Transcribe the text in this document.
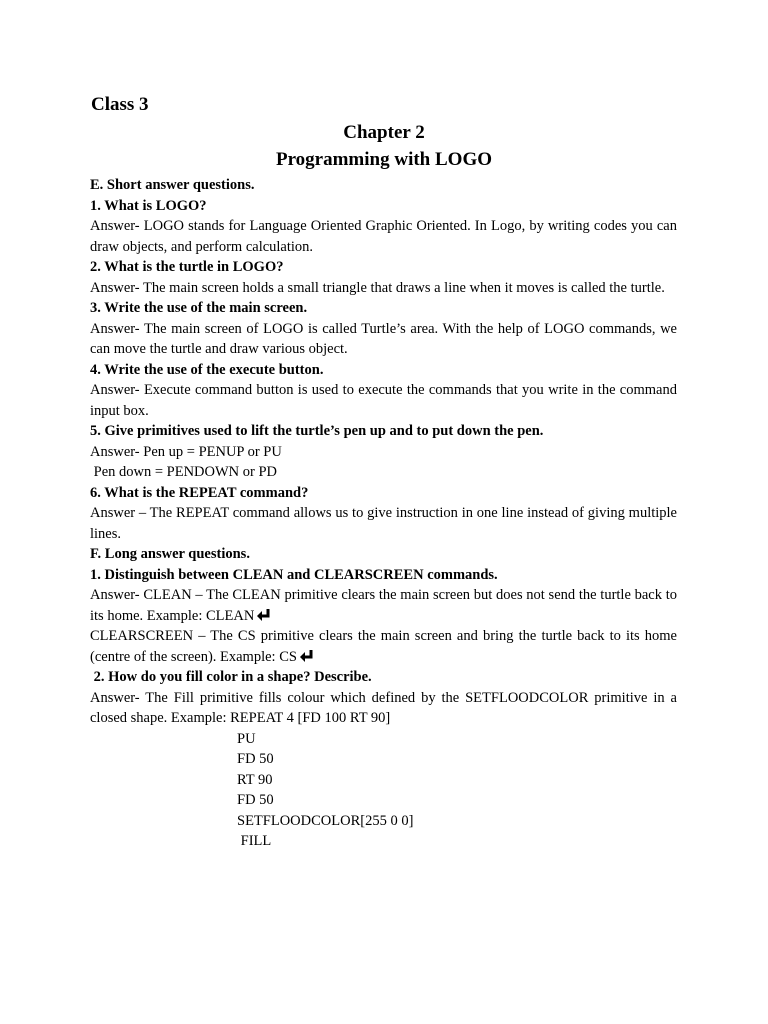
Class 3
Chapter 2
Programming with LOGO

E. Short answer questions.

1. What is LOGO?

Answer- LOGO stands for Language Oriented Graphic Oriented. In Logo, by writing codes you can draw objects, and perform calculation.

2. What is the turtle in LOGO?

Answer- The main screen holds a small triangle that draws a line when it moves is called the turtle.

3. Write the use of the main screen.

Answer- The main screen of LOGO is called Turtle’s area. With the help of LOGO commands, we can move the turtle and draw various object.

4. Write the use of the execute button.

Answer- Execute command button is used to execute the commands that you write in the command input box.

5. Give primitives used to lift the turtle’s pen up and to put down the pen.

Answer- Pen up = PENUP or PU

Pen down = PENDOWN or PD

6. What is the REPEAT command?

Answer – The REPEAT command allows us to give instruction in one line instead of giving multiple lines.

F. Long answer questions.

1. Distinguish between CLEAN and CLEARSCREEN commands.

Answer- CLEAN – The CLEAN primitive clears the main screen but does not send the turtle back to its home. Example: CLEAN

CLEARSCREEN – The CS primitive clears the main screen and bring the turtle back to its home (centre of the screen). Example: CS

2. How do you fill color in a shape? Describe.

Answer- The Fill primitive fills colour which defined by the SETFLOODCOLOR primitive in a closed shape. Example: REPEAT 4 [FD 100 RT 90]

PU

FD 50

RT 90

FD 50

SETFLOODCOLOR[255 0 0]

FILL
